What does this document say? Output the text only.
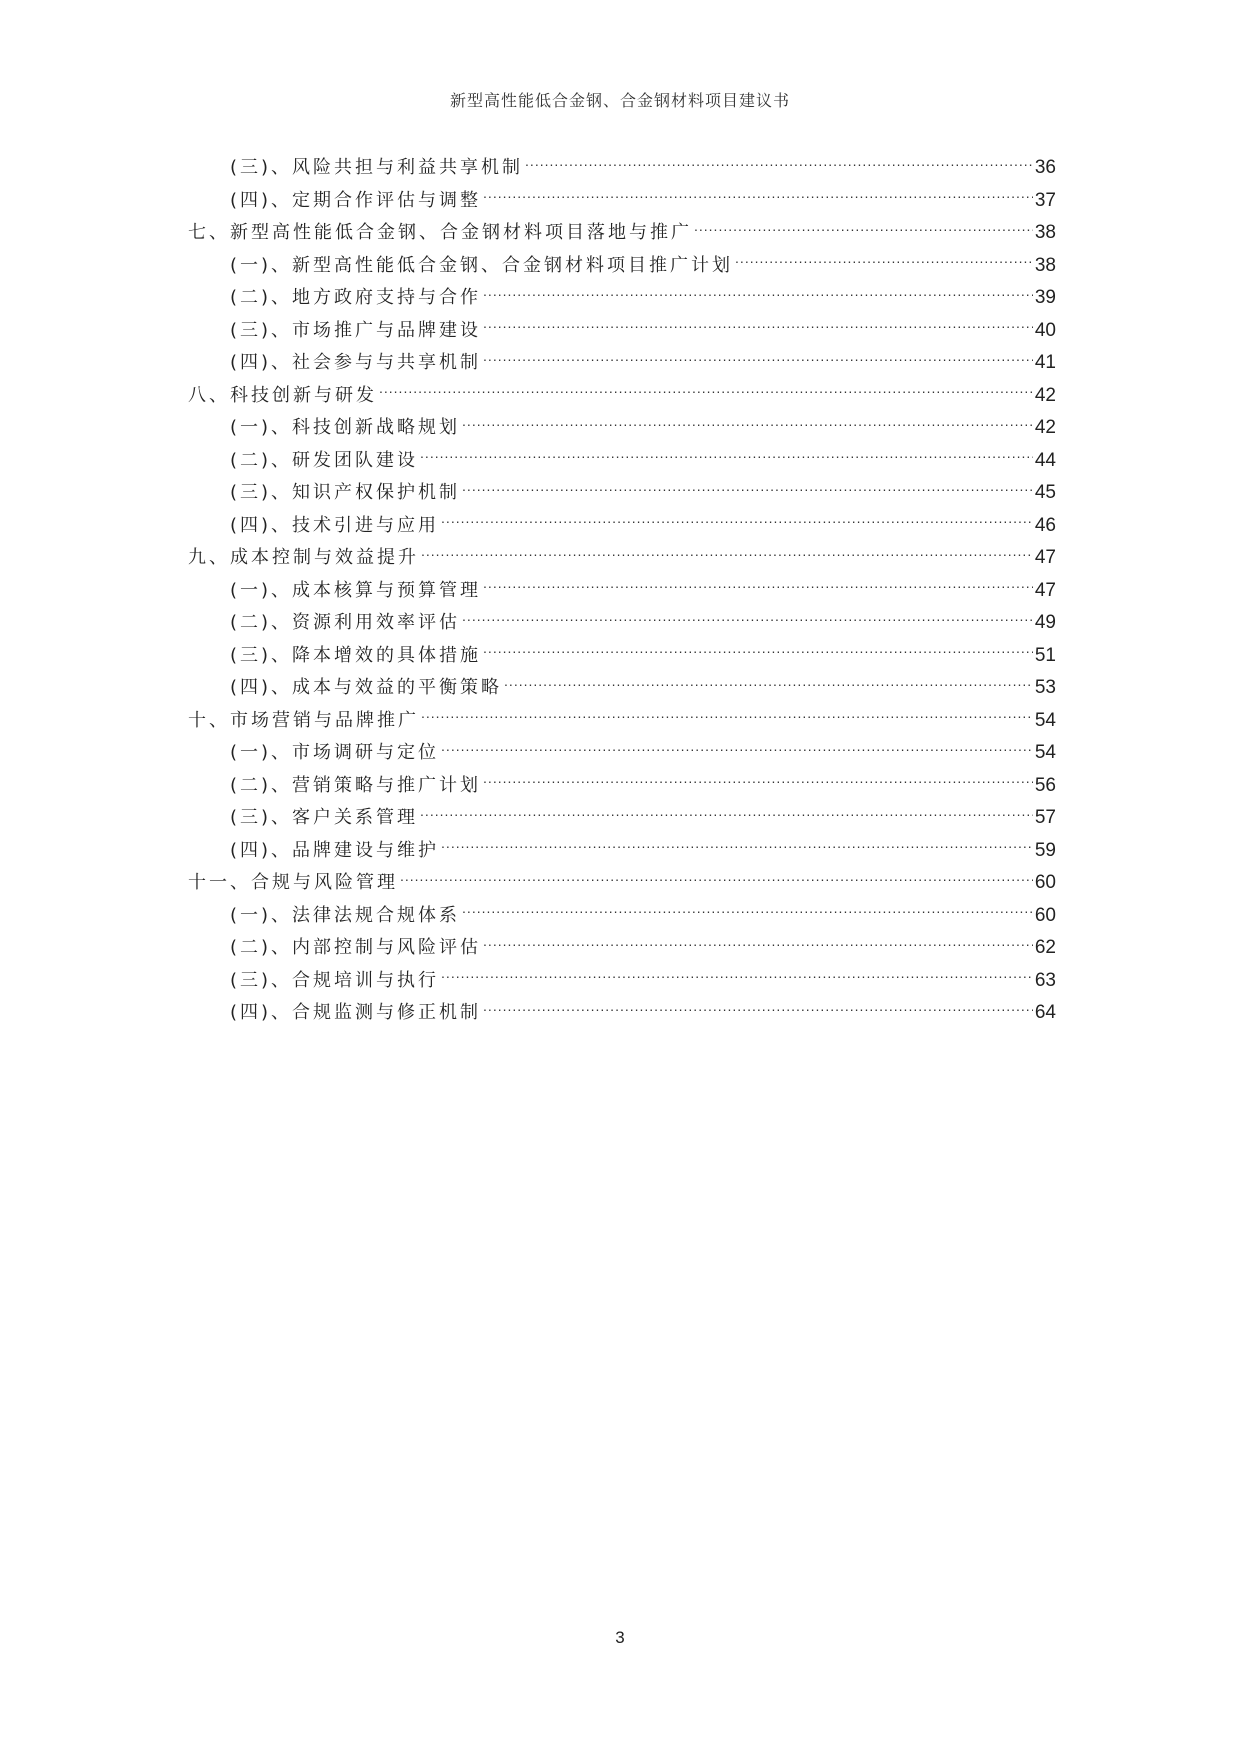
新型高性能低合金钢、合金钢材料项目建议书
(三)、风险共担与利益共享机制 .....	36
(四)、定期合作评估与调整 .....	37
七、新型高性能低合金钢、合金钢材料项目落地与推广 .....	38
(一)、新型高性能低合金钢、合金钢材料项目推广计划 .....	38
(二)、地方政府支持与合作 .....	39
(三)、市场推广与品牌建设 .....	40
(四)、社会参与与共享机制 .....	41
八、科技创新与研发 .....	42
(一)、科技创新战略规划 .....	42
(二)、研发团队建设 .....	44
(三)、知识产权保护机制 .....	45
(四)、技术引进与应用 .....	46
九、成本控制与效益提升 .....	47
(一)、成本核算与预算管理 .....	47
(二)、资源利用效率评估 .....	49
(三)、降本增效的具体措施 .....	51
(四)、成本与效益的平衡策略 .....	53
十、市场营销与品牌推广 .....	54
(一)、市场调研与定位 .....	54
(二)、营销策略与推广计划 .....	56
(三)、客户关系管理 .....	57
(四)、品牌建设与维护 .....	59
十一、合规与风险管理 .....	60
(一)、法律法规合规体系 .....	60
(二)、内部控制与风险评估 .....	62
(三)、合规培训与执行 .....	63
(四)、合规监测与修正机制 .....	64
3
